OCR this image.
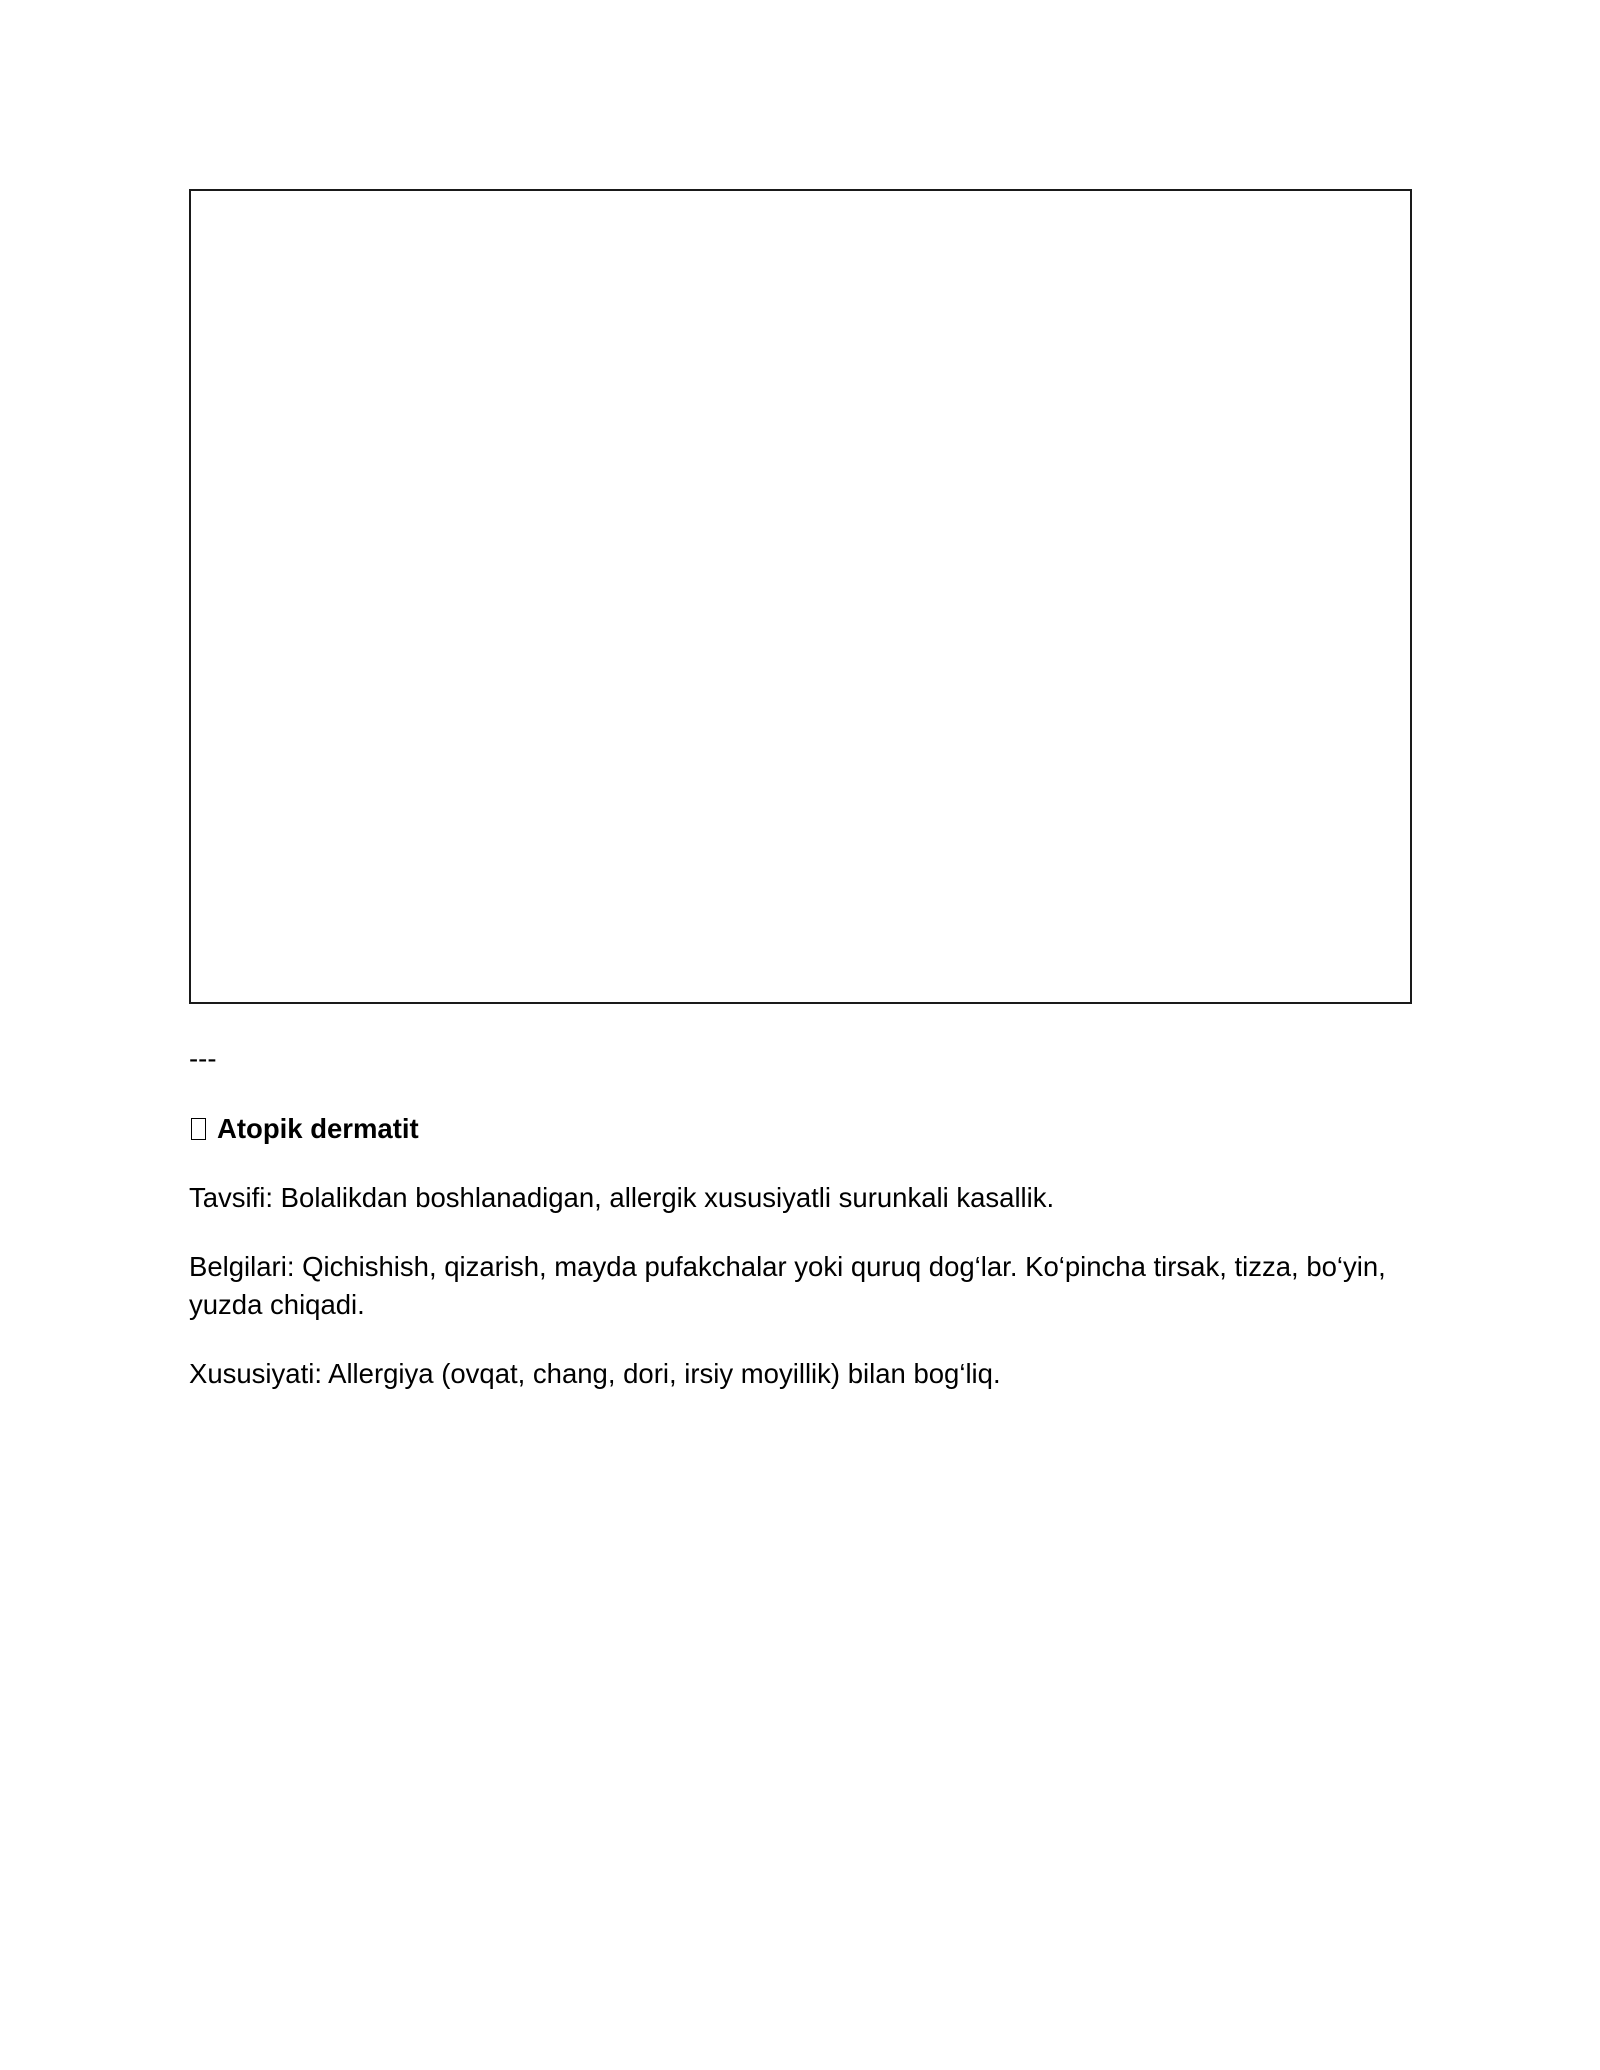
---
Atopik dermatit

Tavsifi: Bolalikdan boshlanadigan, allergik xususiyatli surunkali kasallik.

Belgilari: Qichishish, qizarish, mayda pufakchalar yoki quruq dog‘lar. Ko‘pincha tirsak, tizza, bo‘yin, yuzda chiqadi.

Xususiyati: Allergiya (ovqat, chang, dori, irsiy moyillik) bilan bog‘liq.
